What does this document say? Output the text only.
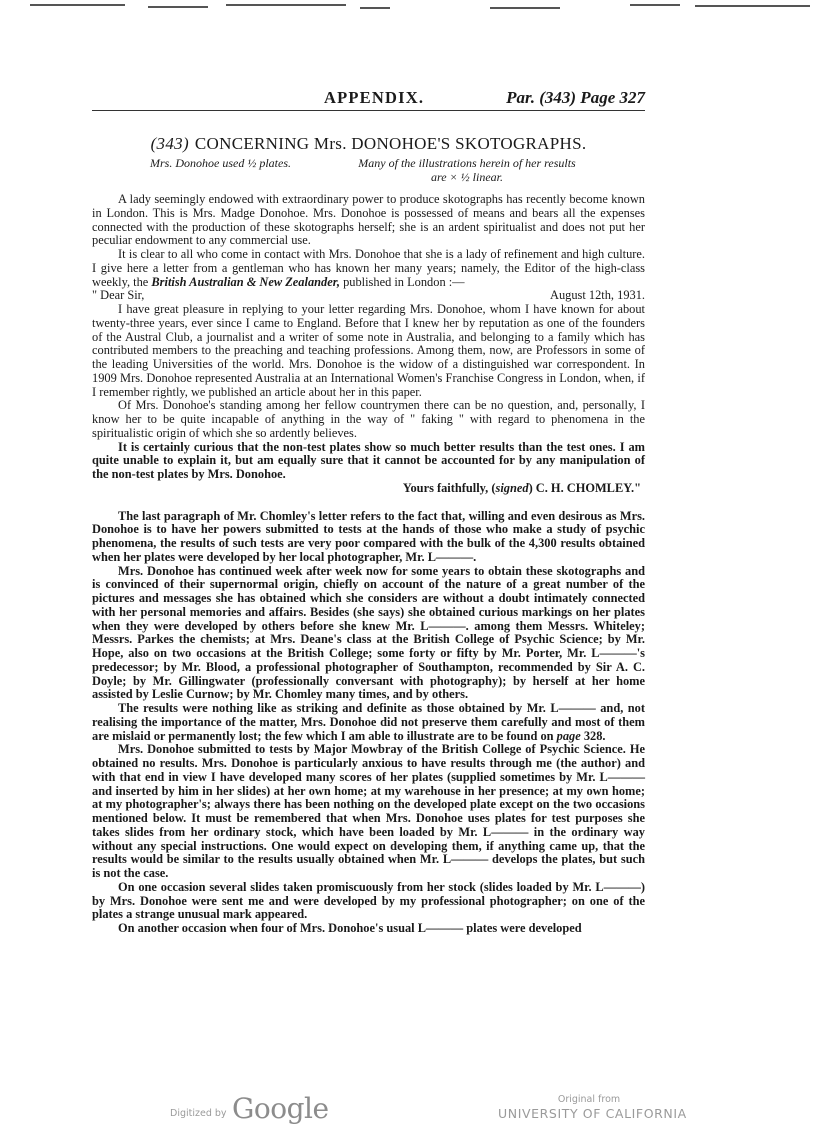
APPENDIX.	Par. (343) Page 327
(343) CONCERNING Mrs. DONOHOE'S SKOTOGRAPHS.
Mrs. Donohoe used ½ plates.	Many of the illustrations herein of her results
are × ½ linear.

A lady seemingly endowed with extraordinary power to produce skotographs has recently become known in London. This is Mrs. Madge Donohoe. Mrs. Donohoe is possessed of means and bears all the expenses connected with the production of these skotographs herself; she is an ardent spiritualist and does not put her peculiar endowment to any commercial use.

It is clear to all who come in contact with Mrs. Donohoe that she is a lady of refinement and high culture. I give here a letter from a gentleman who has known her many years; namely, the Editor of the high-class weekly, the British Australian & New Zealander, published in London :—

" Dear Sir,	August 12th, 1931.

I have great pleasure in replying to your letter regarding Mrs. Donohoe, whom I have known for about twenty-three years, ever since I came to England. Before that I knew her by reputation as one of the founders of the Austral Club, a journalist and a writer of some note in Australia, and belonging to a family which has contributed members to the preaching and teaching professions. Among them, now, are Professors in some of the leading Universities of the world. Mrs. Donohoe is the widow of a distinguished war correspondent. In 1909 Mrs. Donohoe represented Australia at an International Women's Franchise Congress in London, when, if I remember rightly, we published an article about her in this paper.

Of Mrs. Donohoe's standing among her fellow countrymen there can be no question, and, personally, I know her to be quite incapable of anything in the way of " faking " with regard to phenomena in the spiritualistic origin of which she so ardently believes.

It is certainly curious that the non-test plates show so much better results than the test ones. I am quite unable to explain it, but am equally sure that it cannot be accounted for by any manipulation of the non-test plates by Mrs. Donohoe.

Yours faithfully, (signed) C. H. CHOMLEY."

The last paragraph of Mr. Chomley's letter refers to the fact that, willing and even desirous as Mrs. Donohoe is to have her powers submitted to tests at the hands of those who make a study of psychic phenomena, the results of such tests are very poor compared with the bulk of the 4,300 results obtained when her plates were developed by her local photographer, Mr. L———.

Mrs. Donohoe has continued week after week now for some years to obtain these skotographs and is convinced of their supernormal origin, chiefly on account of the nature of a great number of the pictures and messages she has obtained which she considers are without a doubt intimately connected with her personal memories and affairs. Besides (she says) she obtained curious markings on her plates when they were developed by others before she knew Mr. L———. among them Messrs. Whiteley; Messrs. Parkes the chemists; at Mrs. Deane's class at the British College of Psychic Science; by Mr. Hope, also on two occasions at the British College; some forty or fifty by Mr. Porter, Mr. L———'s predecessor; by Mr. Blood, a professional photographer of Southampton, recommended by Sir A. C. Doyle; by Mr. Gillingwater (professionally conversant with photography); by herself at her home assisted by Leslie Curnow; by Mr. Chomley many times, and by others.

The results were nothing like as striking and definite as those obtained by Mr. L——— and, not realising the importance of the matter, Mrs. Donohoe did not preserve them carefully and most of them are mislaid or permanently lost; the few which I am able to illustrate are to be found on page 328.

Mrs. Donohoe submitted to tests by Major Mowbray of the British College of Psychic Science. He obtained no results. Mrs. Donohoe is particularly anxious to have results through me (the author) and with that end in view I have developed many scores of her plates (supplied sometimes by Mr. L——— and inserted by him in her slides) at her own home; at my warehouse in her presence; at my own home; at my photographer's; always there has been nothing on the developed plate except on the two occasions mentioned below. It must be remembered that when Mrs. Donohoe uses plates for test purposes she takes slides from her ordinary stock, which have been loaded by Mr. L——— in the ordinary way without any special instructions. One would expect on developing them, if anything came up, that the results would be similar to the results usually obtained when Mr. L——— develops the plates, but such is not the case.

On one occasion several slides taken promiscuously from her stock (slides loaded by Mr. L———) by Mrs. Donohoe were sent me and were developed by my professional photographer; on one of the plates a strange unusual mark appeared.

On another occasion when four of Mrs. Donohoe's usual L——— plates were developed

Digitized by Google	Original from
UNIVERSITY OF CALIFORNIA
